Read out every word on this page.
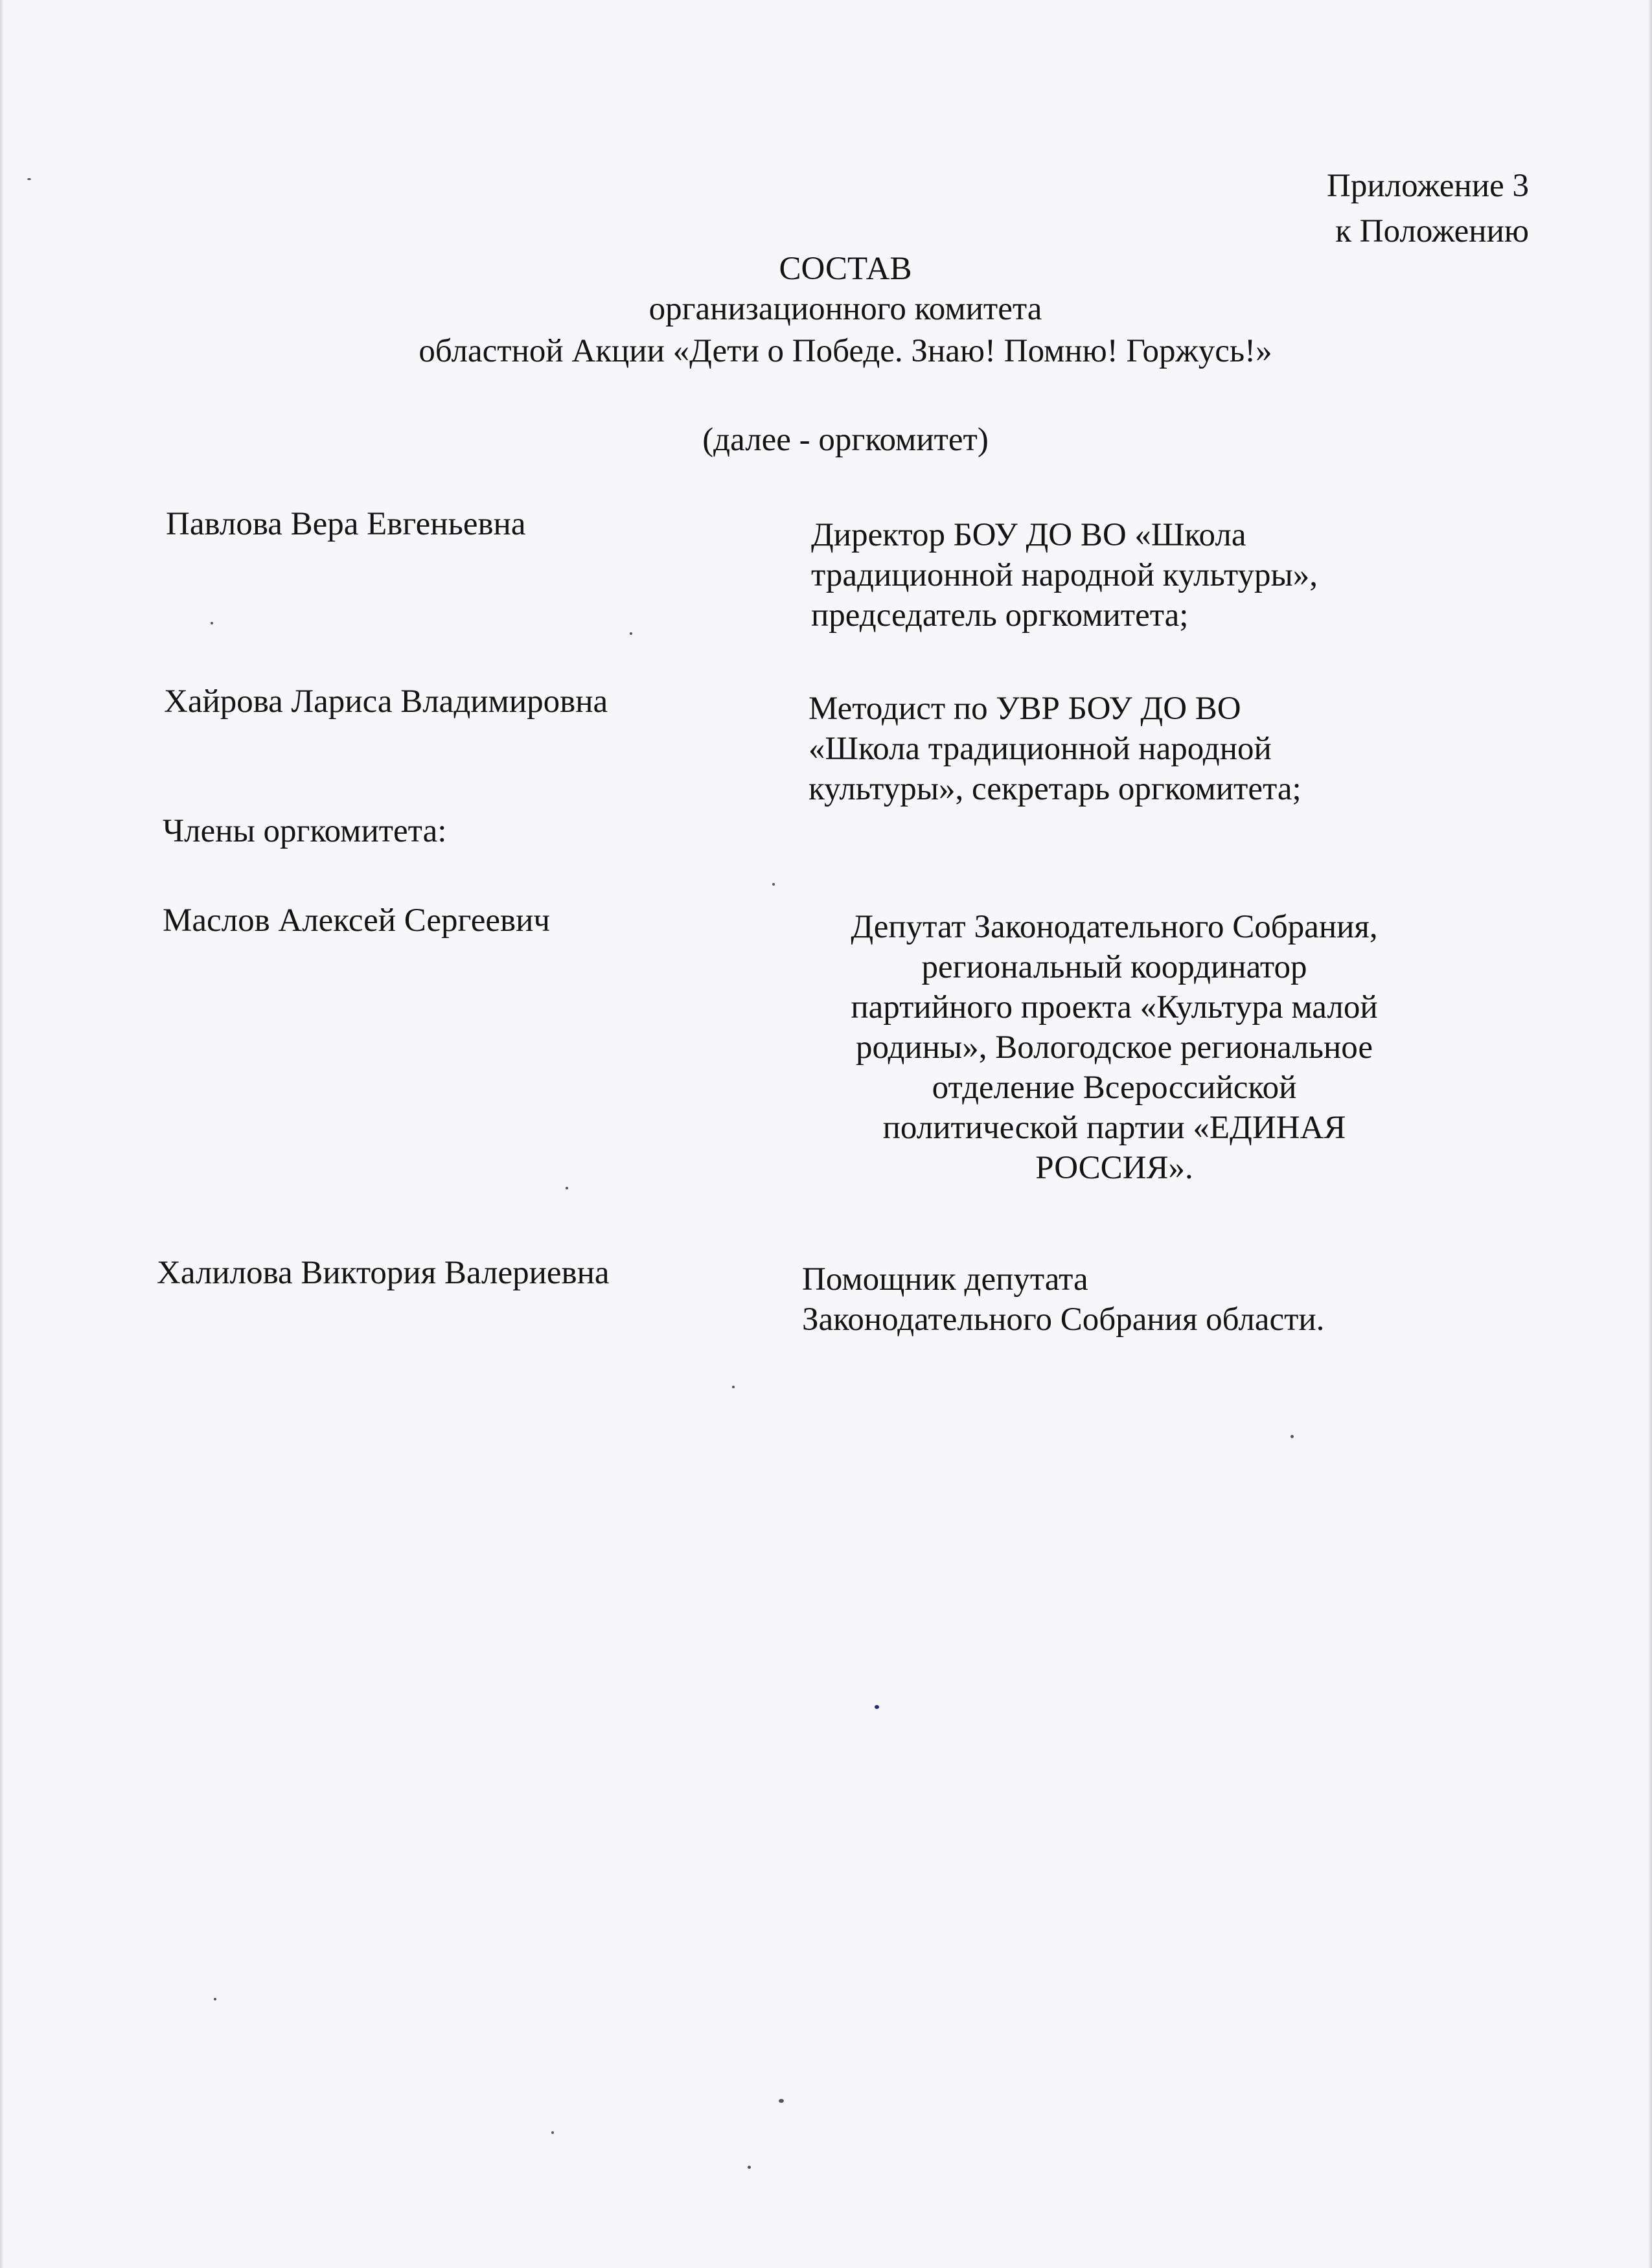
Приложение 3
к Положению
СОСТАВ
организационного комитета
областной Акции «Дети о Победе. Знаю! Помню! Горжусь!»
(далее - оргкомитет)
Павлова Вера Евгеньевна	Директор БОУ ДО ВО «Школа
традиционной народной культуры»,
председатель оргкомитета;
Хайрова Лариса Владимировна	Методист по УВР БОУ ДО ВО
«Школа традиционной народной
культуры», секретарь оргкомитета;
Члены оргкомитета:
Маслов Алексей Сергеевич	Депутат Законодательного Собрания,
региональный координатор
партийного проекта «Культура малой
родины», Вологодское региональное
отделение Всероссийской
политической партии «ЕДИНАЯ
РОССИЯ».
Халилова Виктория Валериевна	Помощник депутата
Законодательного Собрания области.
